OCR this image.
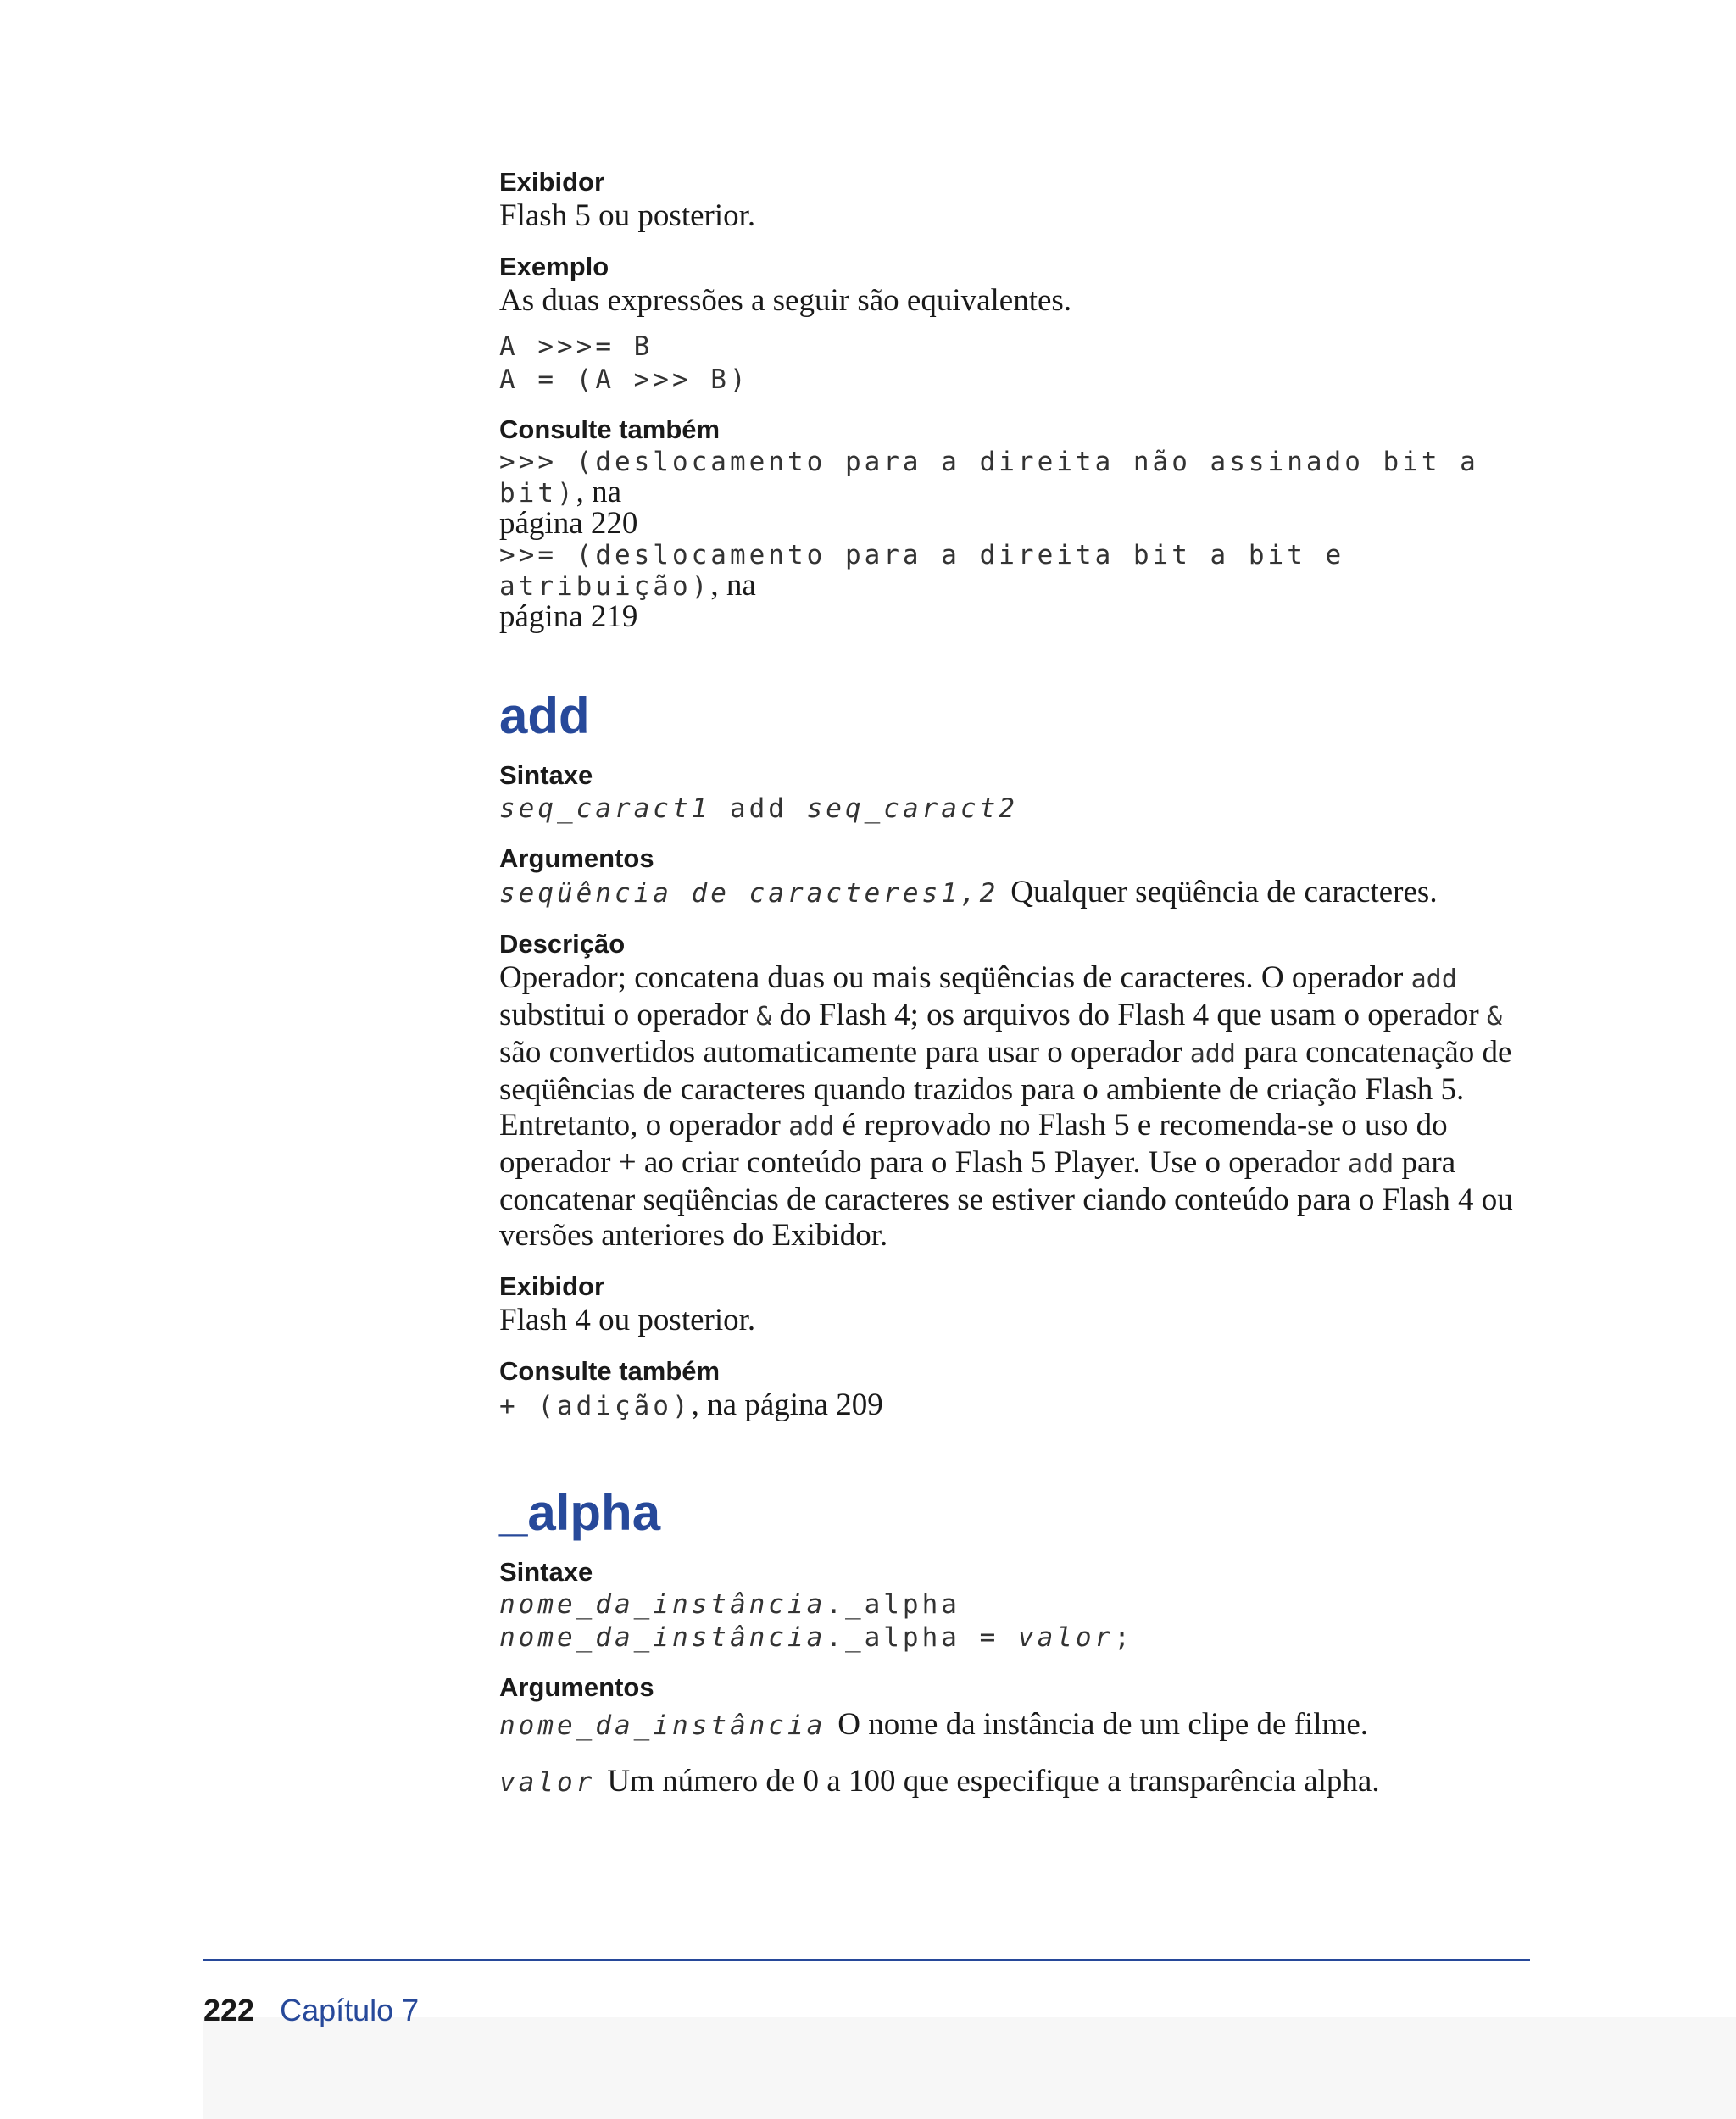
Exibidor
Flash 5 ou posterior.
Exemplo
As duas expressões a seguir são equivalentes.
A >>>= B
A = (A >>> B)
Consulte também
>>> (deslocamento para a direita não assinado bit a bit), na
página 220
>>= (deslocamento para a direita bit a bit e atribuição), na
página 219
add
Sintaxe
seq_caract1 add seq_caract2
Argumentos
seqüência de caracteres1,2 Qualquer seqüência de caracteres.
Descrição
Operador; concatena duas ou mais seqüências de caracteres. O operador add substitui o operador & do Flash 4; os arquivos do Flash 4 que usam o operador & são convertidos automaticamente para usar o operador add para concatenação de seqüências de caracteres quando trazidos para o ambiente de criação Flash 5. Entretanto, o operador add é reprovado no Flash 5 e recomenda-se o uso do operador + ao criar conteúdo para o Flash 5 Player. Use o operador add para concatenar seqüências de caracteres se estiver ciando conteúdo para o Flash 4 ou versões anteriores do Exibidor.
Exibidor
Flash 4 ou posterior.
Consulte também
+ (adição), na página 209
_alpha
Sintaxe
nome_da_instância._alpha
nome_da_instância._alpha = valor;
Argumentos
nome_da_instância O nome da instância de um clipe de filme.
valor Um número de 0 a 100 que especifique a transparência alpha.
222 Capítulo 7
